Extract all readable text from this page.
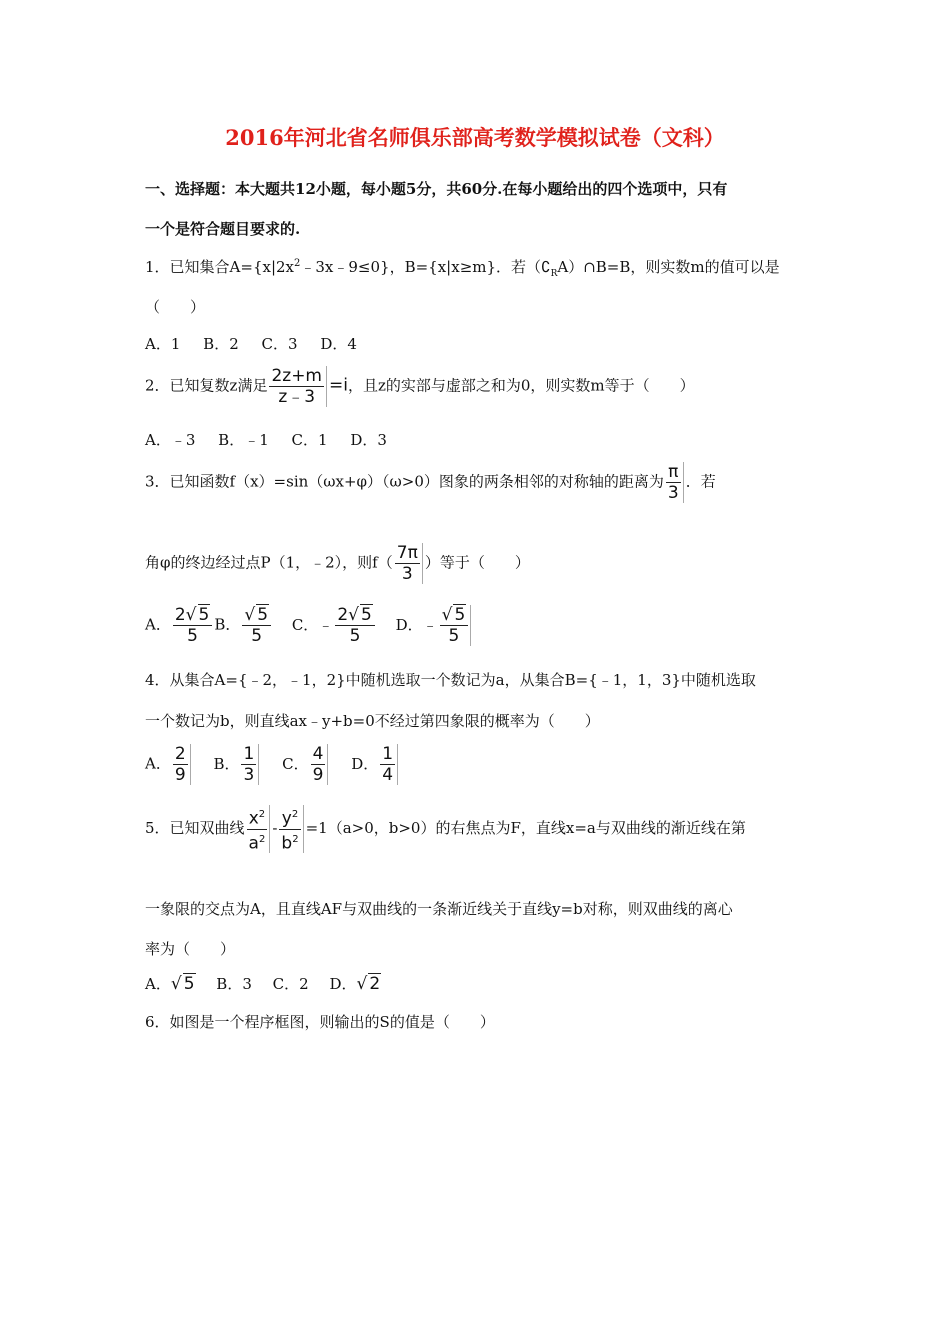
2016年河北省名师俱乐部高考数学模拟试卷（文科）
一、选择题：本大题共12小题，每小题5分，共60分.在每小题给出的四个选项中，只有
一个是符合题目要求的.
1．已知集合$A=\{x|2x^2﹣3x﹣9\le 0\}$，B={x|x≥m}．若$(∁_RA)\cap B=B$，则实数m的值可以是
（　　）
A．1 B．2 C．3 D．4
2．已知复数z满足 $\frac{2z+m}{z﹣3} =i$，且z的实部与虚部之和为0，则实数m等于（　　）
A．﹣3 B．﹣1 C．1 D．3
3．已知函数f（x）=sin（ωx+φ）（ω>0）图象的两条相邻的对称轴的距离为 $\frac{\pi}{3}$ ．若
角φ的终边经过点P（1，﹣2），则$f( \frac{7\pi}{3}$ ）等于（　　）
A． $\frac{2√ 5}{5}$ B． $\frac{√ 5}{5}$ C．﹣ $\frac{2√ 5}{5}$ D．﹣ $\frac{√ 5}{5}$
4．从集合A={﹣2，﹣1，2}中随机选取一个数记为a，从集合B={﹣1，1，3}中随机选取
一个数记为b，则直线ax﹣y+b=0不经过第四象限的概率为（　　）
A． $\frac{2}{9}$ B． $\frac{1}{3}$ C． $\frac{4}{9}$ D． $\frac{1}{4}$
5．已知双曲线 $\frac{x^2}{a^2} - \frac{y^2}{b^2} =1(a>0$，b>0）的右焦点为F，直线x=a与双曲线的渐近线在第
一象限的交点为A，且直线AF与双曲线的一条渐近线关于直线y=b对称，则双曲线的离心
率为（　　）
A．√ 5 B．3 C．2 D．√ 2
6．如图是一个程序框图，则输出的S的值是（　　）
